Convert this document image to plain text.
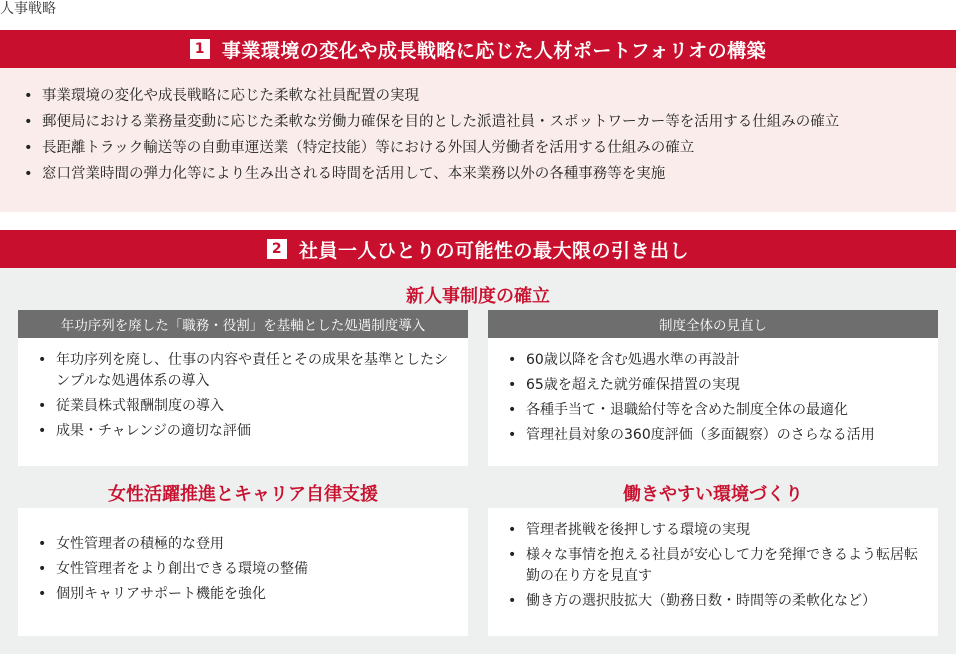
人事戦略
1 事業環境の変化や成長戦略に応じた人材ポートフォリオの構築
• 事業環境の変化や成長戦略に応じた柔軟な社員配置の実現
• 郵便局における業務量変動に応じた柔軟な労働力確保を目的とした派遣社員・スポットワーカー等を活用する仕組みの確立
• 長距離トラック輸送等の自動車運送業（特定技能）等における外国人労働者を活用する仕組みの確立
• 窓口営業時間の弾力化等により生み出される時間を活用して、本来業務以外の各種事務等を実施
2 社員一人ひとりの可能性の最大限の引き出し
新人事制度の確立
年功序列を廃した「職務・役割」を基軸とした処遇制度導入
• 年功序列を廃し、仕事の内容や責任とその成果を基準としたシンプルな処遇体系の導入
• 従業員株式報酬制度の導入
• 成果・チャレンジの適切な評価
制度全体の見直し
• 60歳以降を含む処遇水準の再設計
• 65歳を超えた就労確保措置の実現
• 各種手当て・退職給付等を含めた制度全体の最適化
• 管理社員対象の360度評価（多面観察）のさらなる活用
女性活躍推進とキャリア自律支援	働きやすい環境づくり
• 女性管理者の積極的な登用
• 女性管理者をより創出できる環境の整備
• 個別キャリアサポート機能を強化
• 管理者挑戦を後押しする環境の実現
• 様々な事情を抱える社員が安心して力を発揮できるよう転居転勤の在り方を見直す
• 働き方の選択肢拡大（勤務日数・時間等の柔軟化など）
